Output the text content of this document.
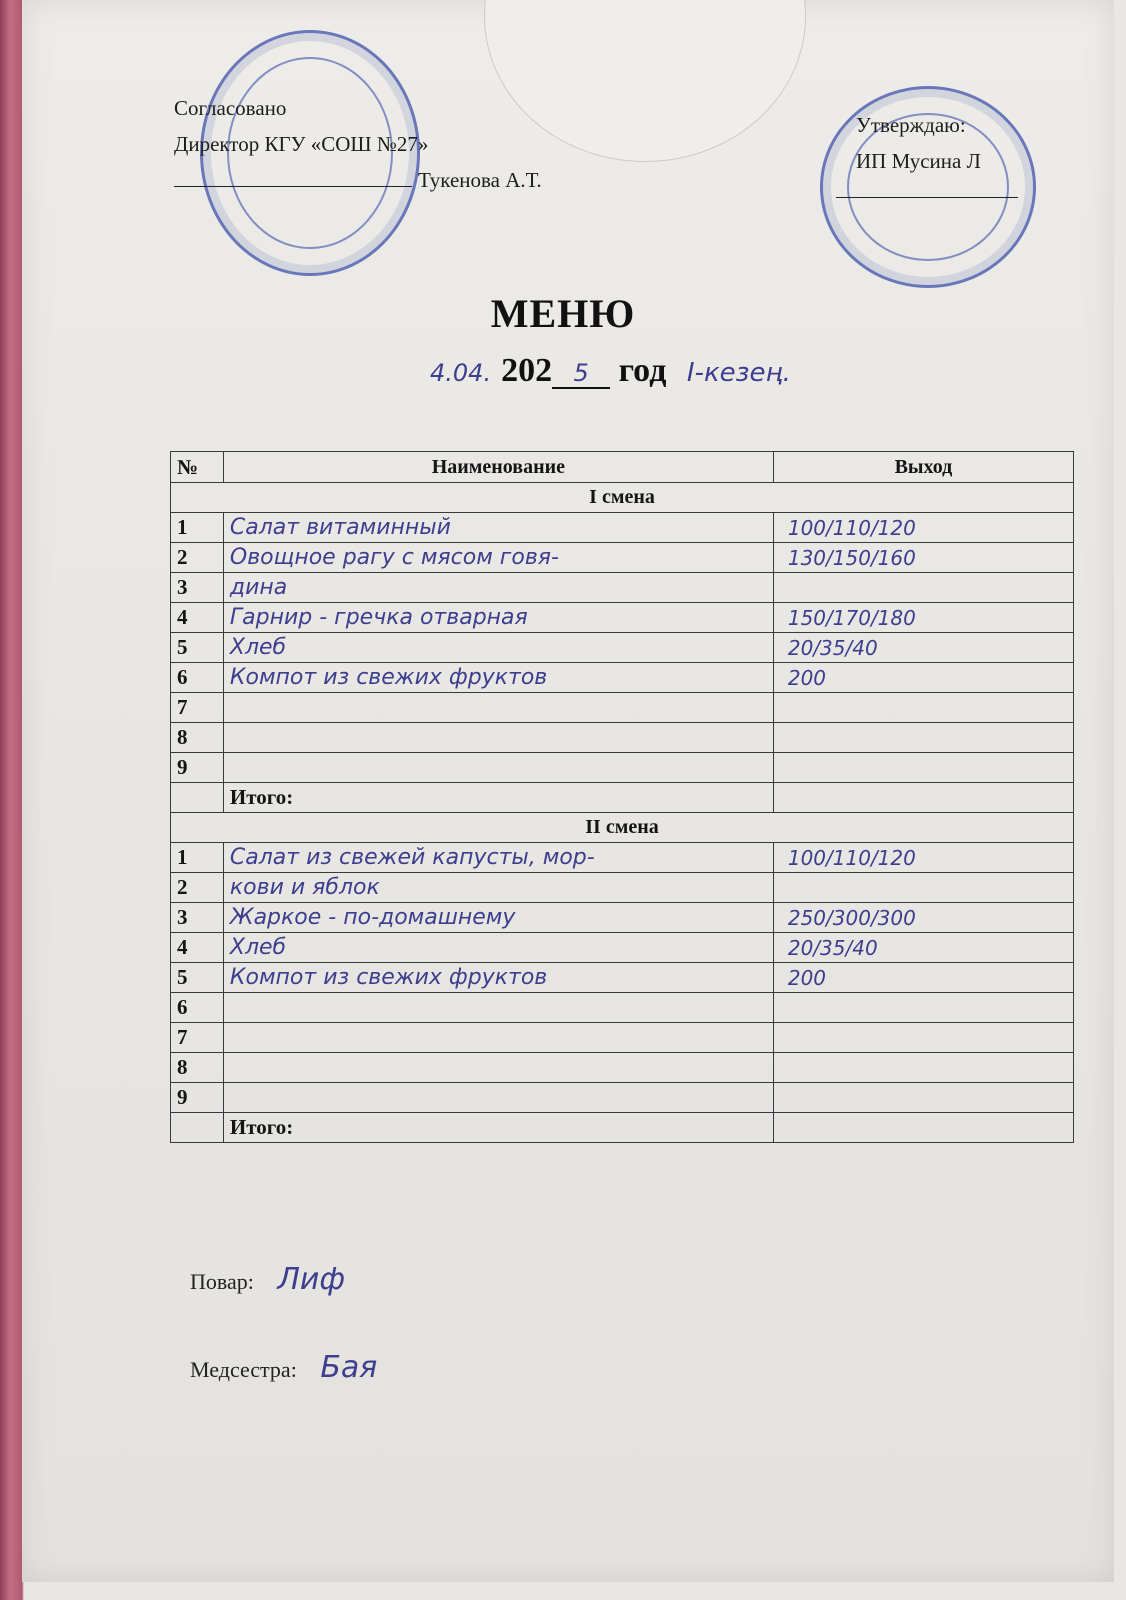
Согласовано
Директор КГУ «СОШ №27»
Тукенова А.Т.
Утверждаю:
ИП Мусина Л
МЕНЮ
4.04. 202 5 год I-кезең.
№	Наименование	Выход
I смена		
1	Салат витаминный	100/110/120
2	Овощное рагу с мясом говя-	130/150/160
3	дина	
4	Гарнир - гречка отварная	150/170/180
5	Хлеб	20/35/40
6	Компот из свежих фруктов	200
7		
8		
9		
	Итого:	
II смена		
1	Салат из свежей капусты, мор-	100/110/120
2	кови и яблок	
3	Жаркое - по-домашнему	250/300/300
4	Хлеб	20/35/40
5	Компот из свежих фруктов	200
6		
7		
8		
9		
	Итого:	
Повар: Лиф
Медсестра: Бая
